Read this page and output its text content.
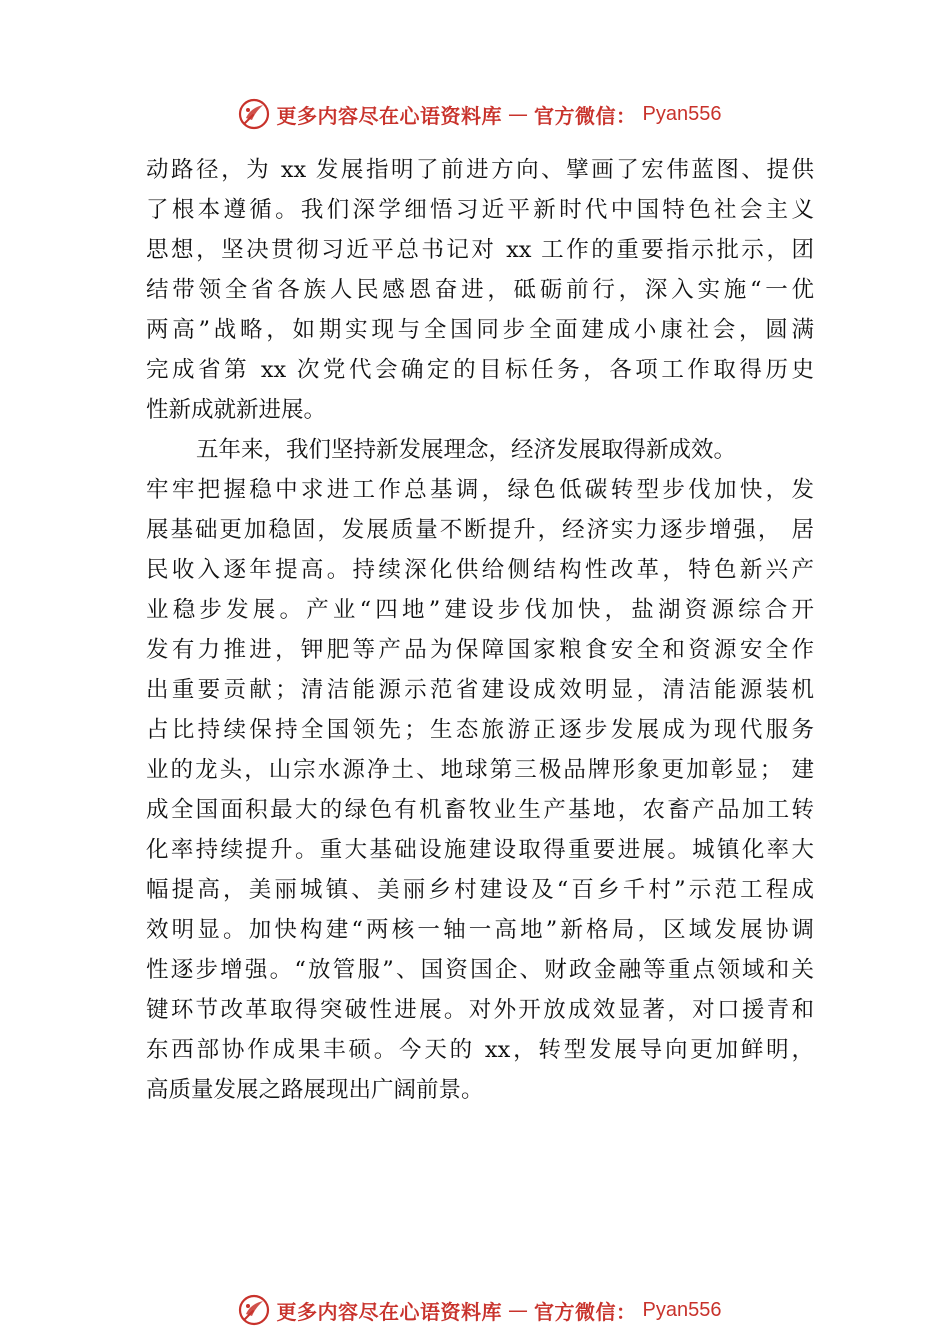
更多内容尽在心语资料库 — 官方微信： Pyan556
动路径，为 xx 发展指明了前进方向、擘画了宏伟蓝图、提供
了根本遵循。我们深学细悟习近平新时代中国特色社会主义
思想，坚决贯彻习近平总书记对 xx 工作的重要指示批示，团
结带领全省各族人民感恩奋进，砥砺前行，深入实施“一优
两高”战略，如期实现与全国同步全面建成小康社会，圆满
完成省第 xx 次党代会确定的目标任务，各项工作取得历史
性新成就新进展。
五年来，我们坚持新发展理念，经济发展取得新成效。
牢牢把握稳中求进工作总基调，绿色低碳转型步伐加快，发
展基础更加稳固，发展质量不断提升，经济实力逐步增强， 居
民收入逐年提高。持续深化供给侧结构性改革，特色新兴产
业稳步发展。产业“四地”建设步伐加快，盐湖资源综合开
发有力推进，钾肥等产品为保障国家粮食安全和资源安全作
出重要贡献；清洁能源示范省建设成效明显，清洁能源装机
占比持续保持全国领先；生态旅游正逐步发展成为现代服务
业的龙头，山宗水源净土、地球第三极品牌形象更加彰显； 建
成全国面积最大的绿色有机畜牧业生产基地，农畜产品加工转
化率持续提升。重大基础设施建设取得重要进展。城镇化率大
幅提高，美丽城镇、美丽乡村建设及“百乡千村”示范工程成
效明显。加快构建“两核一轴一高地”新格局，区域发展协调
性逐步增强。“放管服”、国资国企、财政金融等重点领域和关
键环节改革取得突破性进展。对外开放成效显著，对口援青和
东西部协作成果丰硕。今天的 xx，转型发展导向更加鲜明，
高质量发展之路展现出广阔前景。
更多内容尽在心语资料库 — 官方微信： Pyan556
